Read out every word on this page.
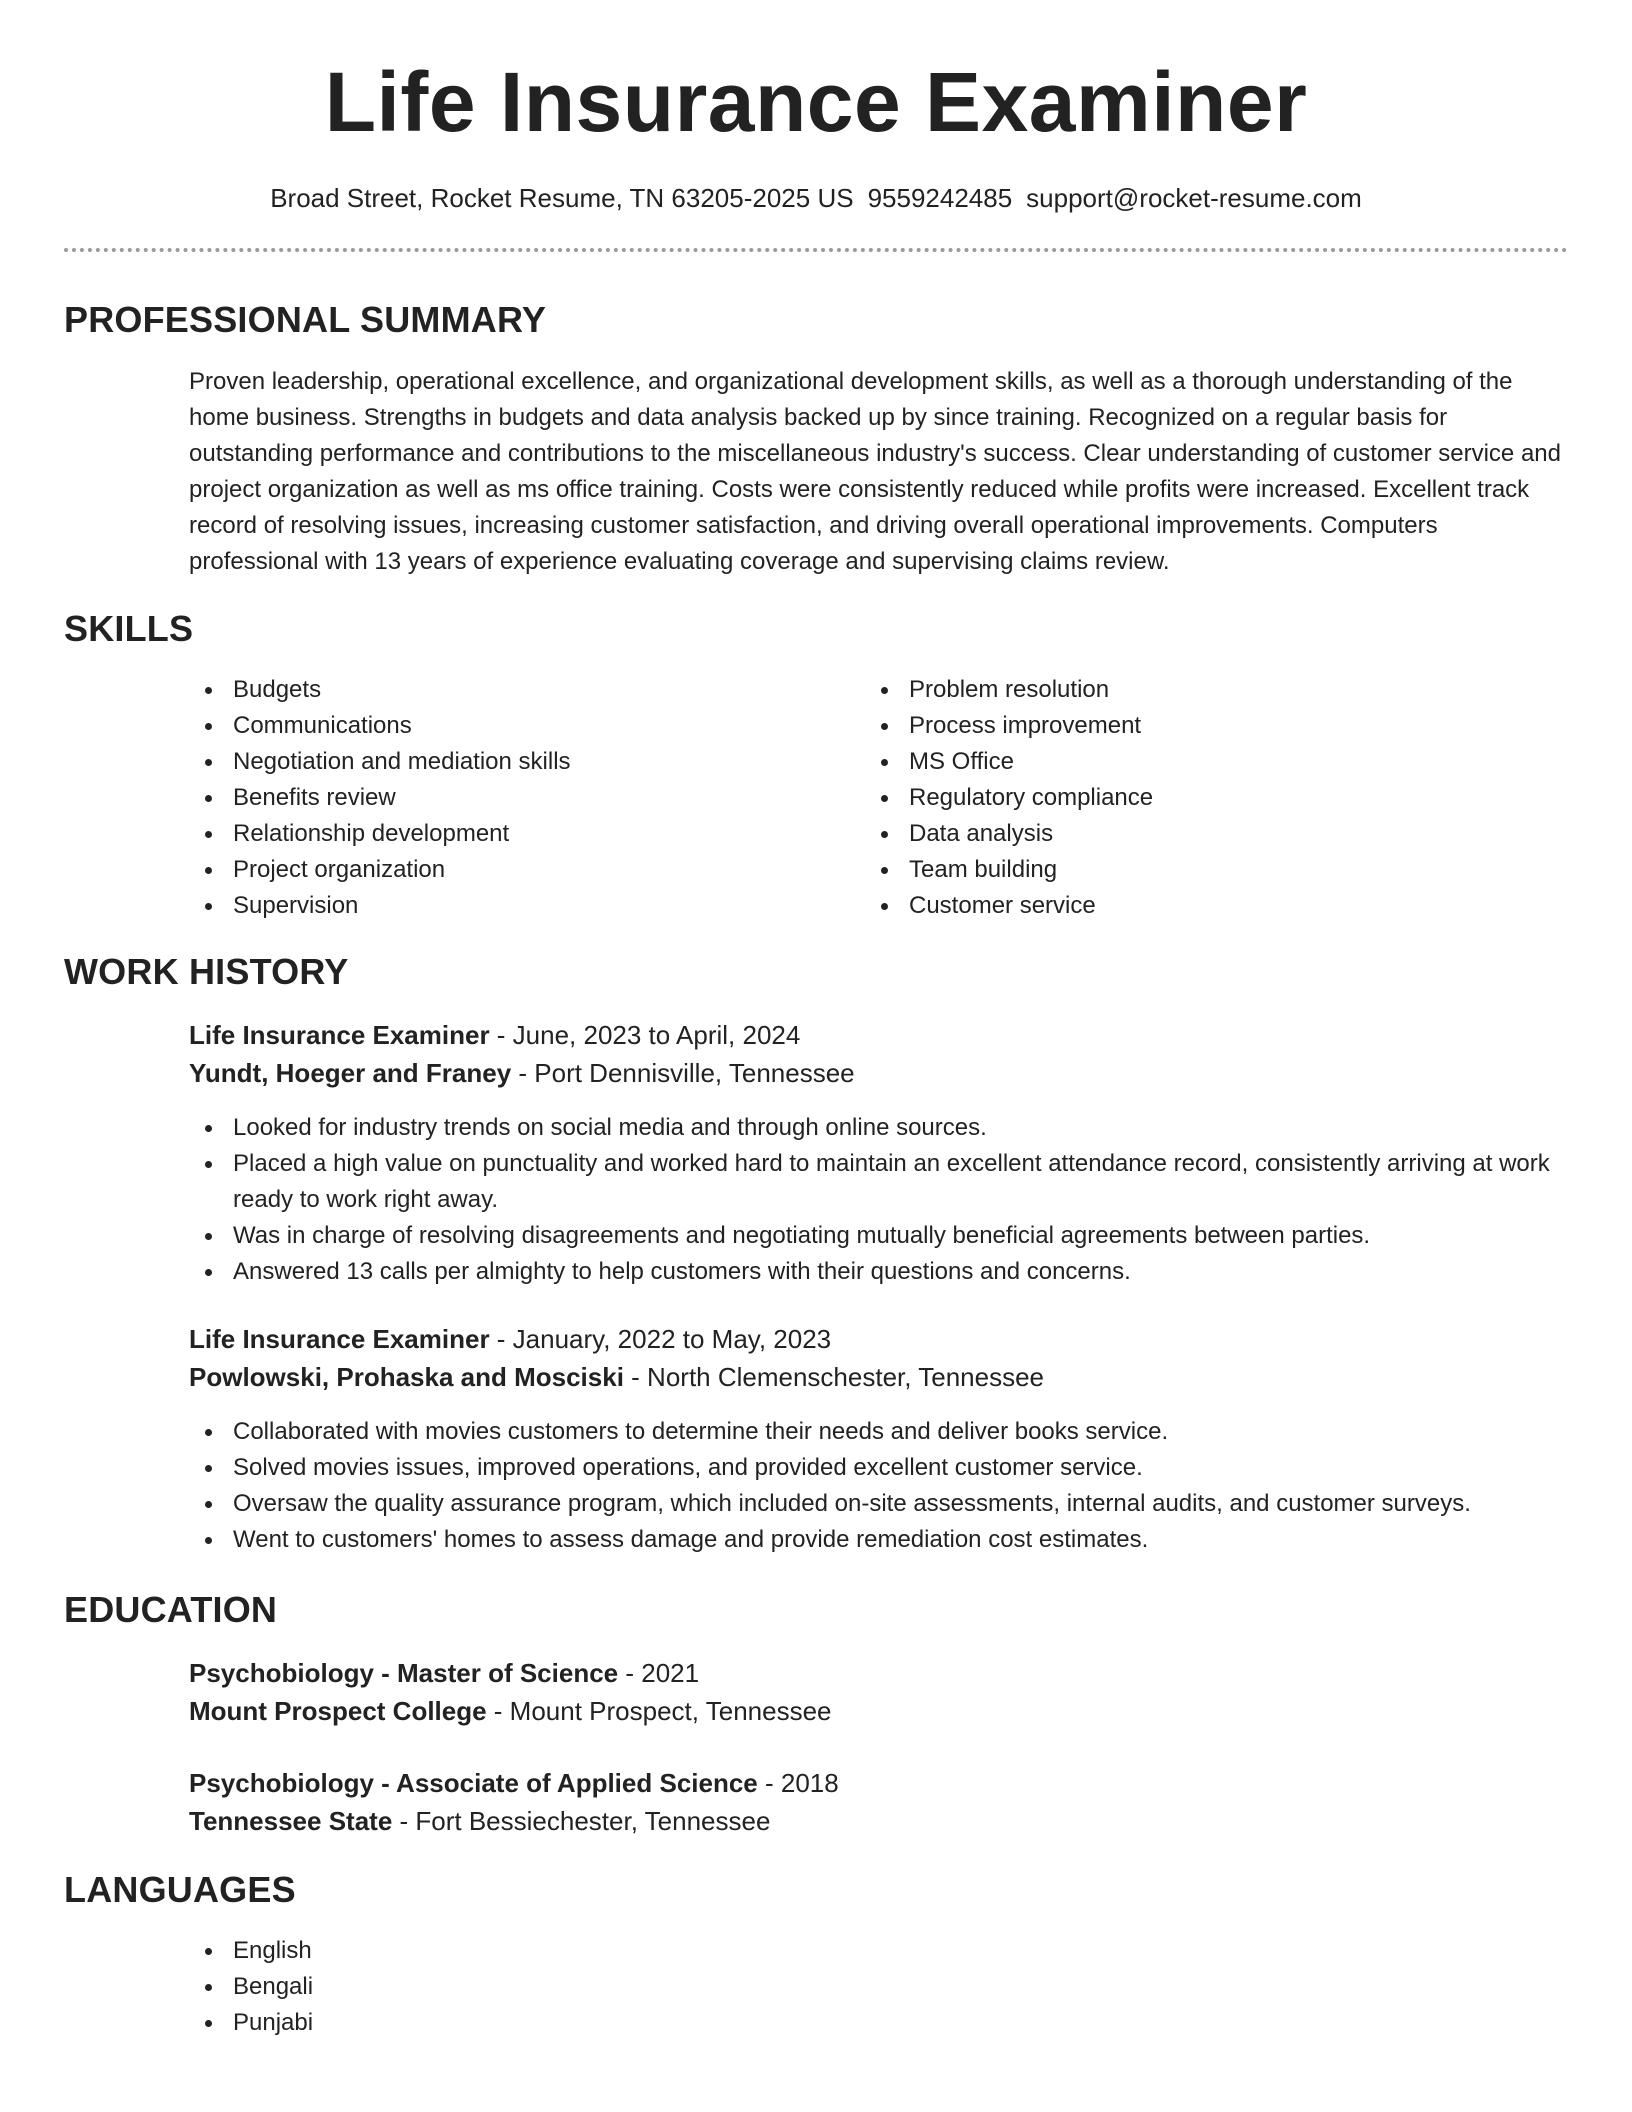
Life Insurance Examiner
Broad Street, Rocket Resume, TN 63205-2025 US 9559242485 support@rocket-resume.com
PROFESSIONAL SUMMARY

Proven leadership, operational excellence, and organizational development skills, as well as a thorough understanding of the home business. Strengths in budgets and data analysis backed up by since training. Recognized on a regular basis for outstanding performance and contributions to the miscellaneous industry's success. Clear understanding of customer service and project organization as well as ms office training. Costs were consistently reduced while profits were increased. Excellent track record of resolving issues, increasing customer satisfaction, and driving overall operational improvements. Computers professional with 13 years of experience evaluating coverage and supervising claims review.

SKILLS
Budgets
Communications
Negotiation and mediation skills
Benefits review
Relationship development
Project organization
Supervision
Problem resolution
Process improvement
MS Office
Regulatory compliance
Data analysis
Team building
Customer service
WORK HISTORY
Life Insurance Examiner - June, 2023 to April, 2024
Yundt, Hoeger and Franey - Port Dennisville, Tennessee
Looked for industry trends on social media and through online sources.
Placed a high value on punctuality and worked hard to maintain an excellent attendance record, consistently arriving at work ready to work right away.
Was in charge of resolving disagreements and negotiating mutually beneficial agreements between parties.
Answered 13 calls per almighty to help customers with their questions and concerns.
Life Insurance Examiner - January, 2022 to May, 2023
Powlowski, Prohaska and Mosciski - North Clemenschester, Tennessee
Collaborated with movies customers to determine their needs and deliver books service.
Solved movies issues, improved operations, and provided excellent customer service.
Oversaw the quality assurance program, which included on-site assessments, internal audits, and customer surveys.
Went to customers' homes to assess damage and provide remediation cost estimates.
EDUCATION
Psychobiology - Master of Science - 2021
Mount Prospect College - Mount Prospect, Tennessee
Psychobiology - Associate of Applied Science - 2018
Tennessee State - Fort Bessiechester, Tennessee
LANGUAGES
English
Bengali
Punjabi
